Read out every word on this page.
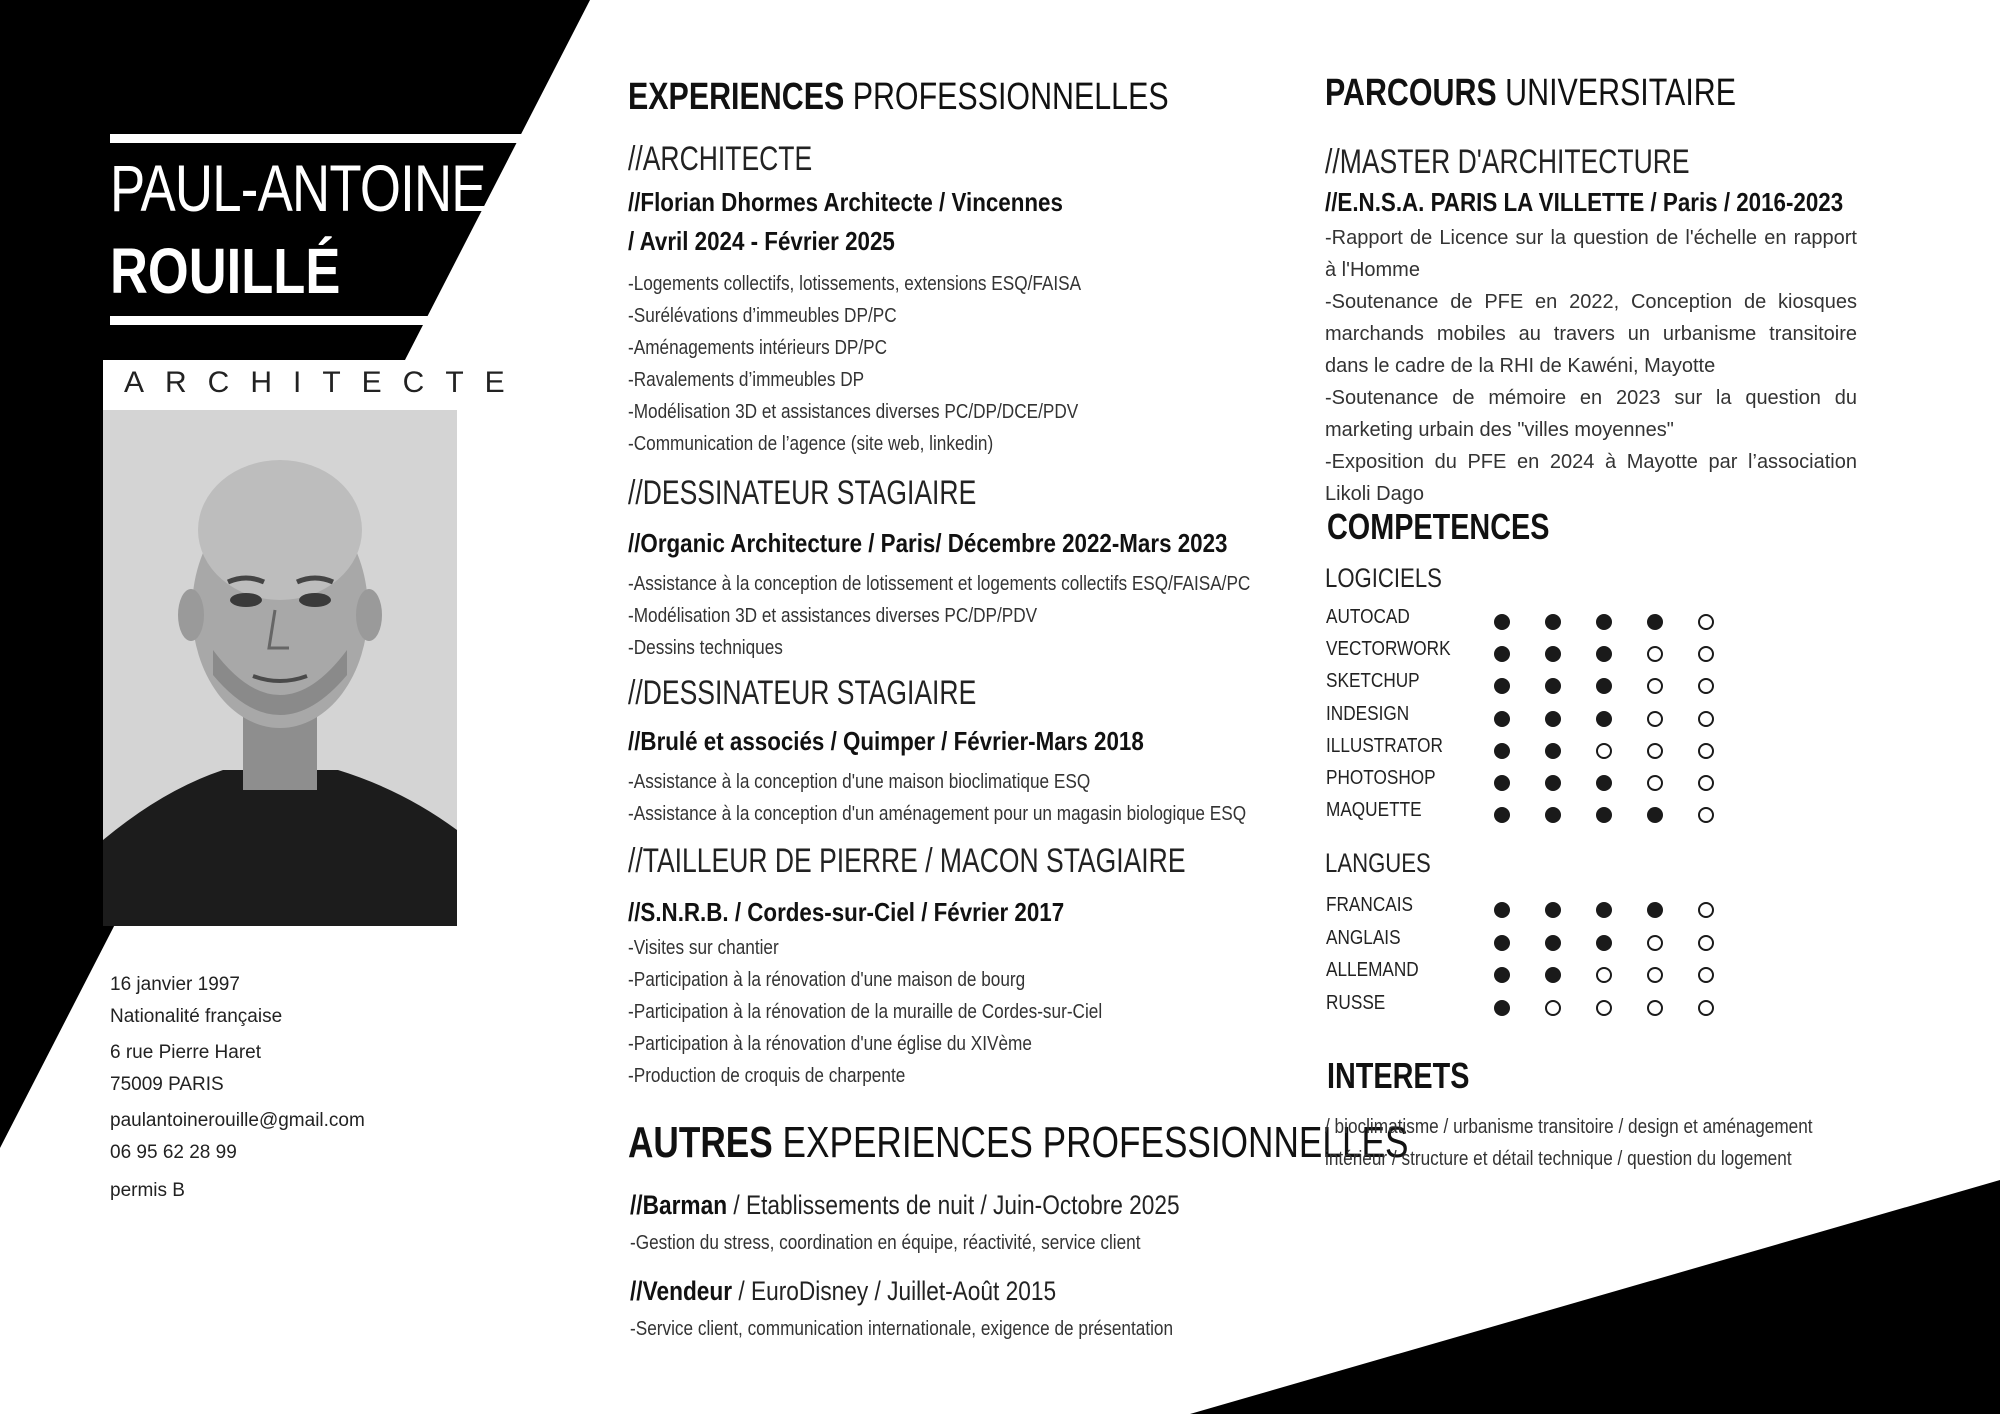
PAUL-ANTOINE
ROUILLÉ
ARCHITECTE
16 janvier 1997
Nationalité française
6 rue Pierre Haret
75009 PARIS
paulantoinerouille@gmail.com
06 95 62 28 99
permis B
EXPERIENCES PROFESSIONNELLES
//ARCHITECTE
//Florian Dhormes Architecte / Vincennes
/ Avril 2024 - Février 2025
-Logements collectifs, lotissements, extensions ESQ/FAISA
-Surélévations d’immeubles DP/PC
-Aménagements intérieurs DP/PC
-Ravalements d’immeubles DP
-Modélisation 3D et assistances diverses PC/DP/DCE/PDV
-Communication de l’agence (site web, linkedin)
//DESSINATEUR STAGIAIRE
//Organic Architecture / Paris/ Décembre 2022-Mars 2023
-Assistance à la conception de lotissement et logements collectifs ESQ/FAISA/PC
-Modélisation 3D et assistances diverses PC/DP/PDV
-Dessins techniques
//DESSINATEUR STAGIAIRE
//Brulé et associés / Quimper / Février-Mars 2018
-Assistance à la conception d'une maison bioclimatique ESQ
-Assistance à la conception d'un aménagement pour un magasin biologique ESQ
//TAILLEUR DE PIERRE / MACON STAGIAIRE
//S.N.R.B. / Cordes-sur-Ciel / Février 2017
-Visites sur chantier
-Participation à la rénovation d'une maison de bourg
-Participation à la rénovation de la muraille de Cordes-sur-Ciel
-Participation à la rénovation d'une église du XIVème
-Production de croquis de charpente
AUTRES EXPERIENCES PROFESSIONNELLES
//Barman / Etablissements de nuit / Juin-Octobre 2025
-Gestion du stress, coordination en équipe, réactivité, service client
//Vendeur / EuroDisney / Juillet-Août 2015
-Service client, communication internationale, exigence de présentation
PARCOURS UNIVERSITAIRE
//MASTER D'ARCHITECTURE
//E.N.S.A. PARIS LA VILLETTE / Paris / 2016-2023
-Rapport de Licence sur la question de l'échelle en rapport à l'Homme
-Soutenance de PFE en 2022, Conception de kiosques marchands mobiles au travers un urbanisme transitoire dans le cadre de la RHI de Kawéni, Mayotte
-Soutenance de mémoire en 2023 sur la question du marketing urbain des "villes moyennes"
-Exposition du PFE en 2024 à Mayotte par l’association Likoli Dago
COMPETENCES
LOGICIELS
LANGUES
INTERETS
/ bioclimatisme / urbanisme transitoire / design et aménagement
intérieur / structure et détail technique / question du logement
AUTOCAD
VECTORWORK
SKETCHUP
INDESIGN
ILLUSTRATOR
PHOTOSHOP
MAQUETTE
FRANCAIS
ANGLAIS
ALLEMAND
RUSSE
